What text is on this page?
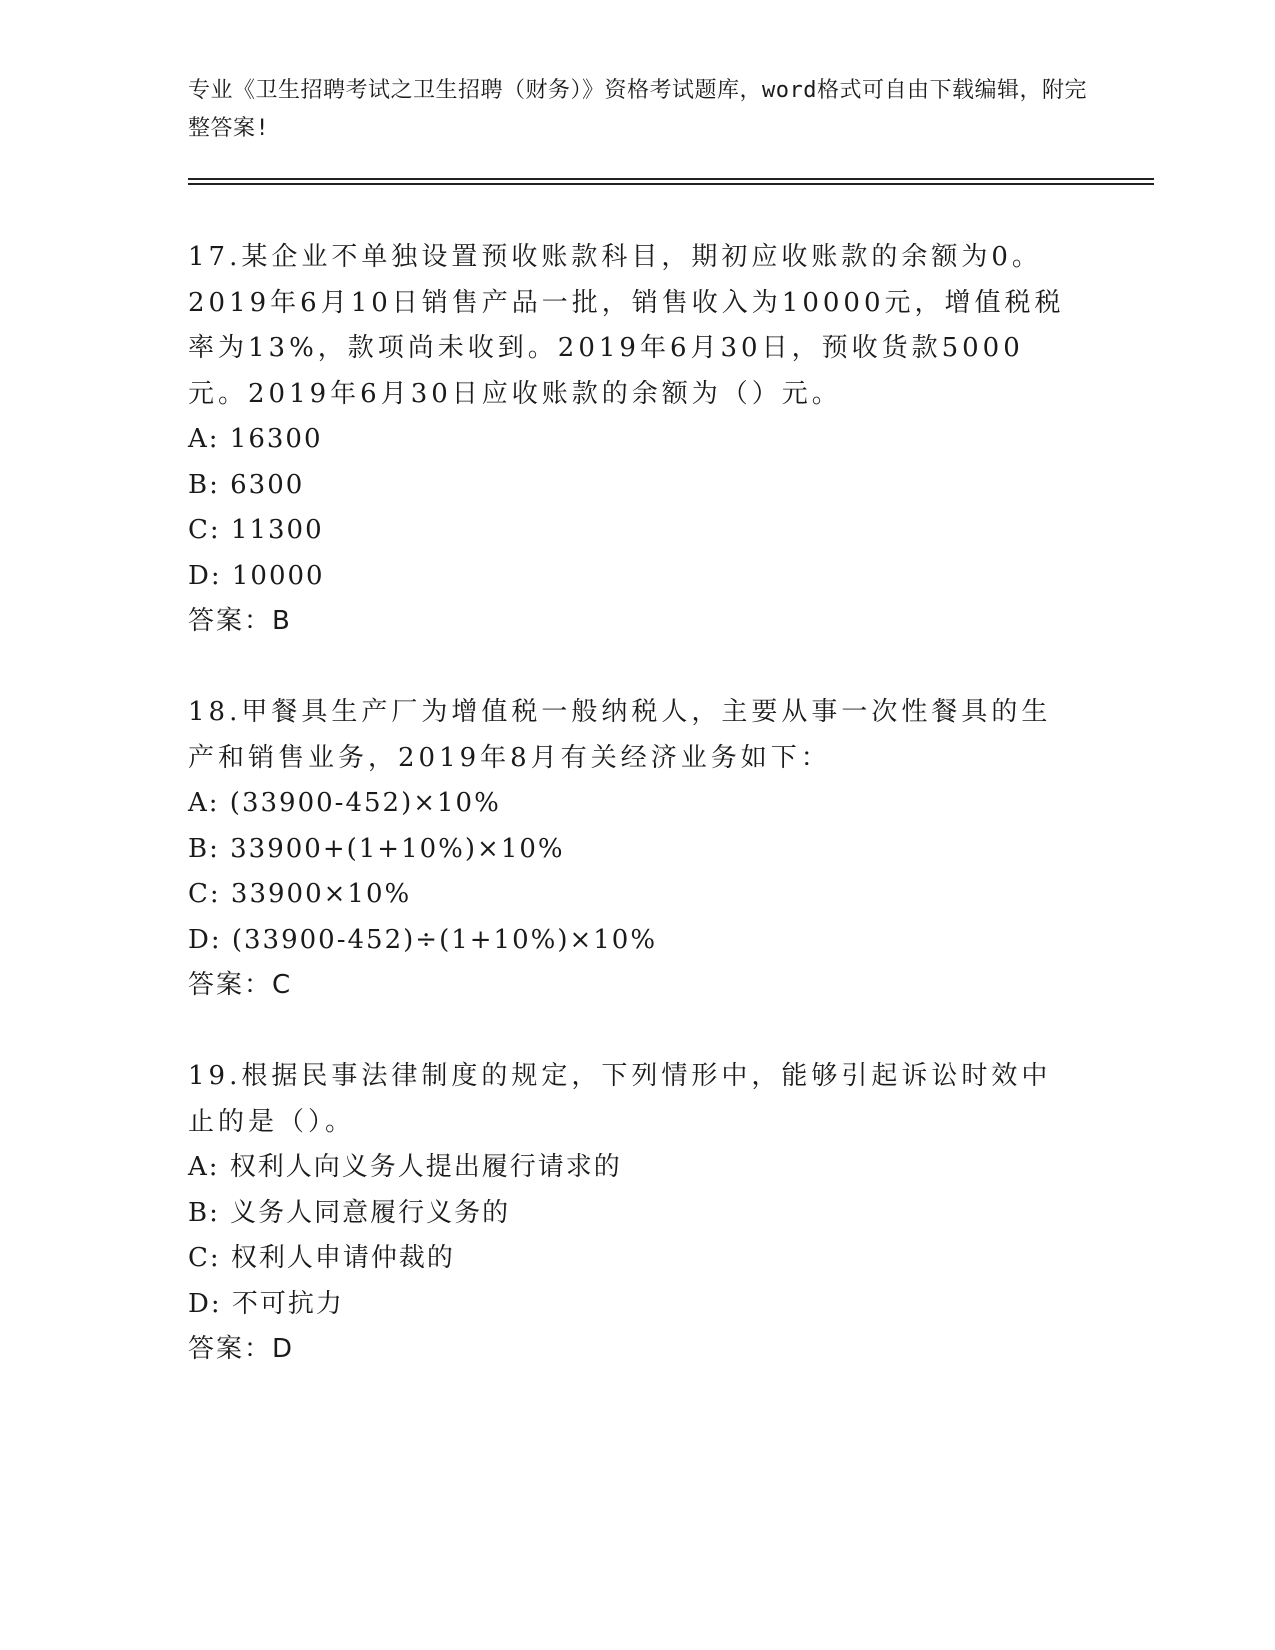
专业《卫生招聘考试之卫生招聘（财务）》资格考试题库，word格式可自由下载编辑，附完整答案!
17.某企业不单独设置预收账款科目，期初应收账款的余额为0。2019年6月10日销售产品一批，销售收入为10000元，增值税税率为13%，款项尚未收到。2019年6月30日，预收货款5000元。2019年6月30日应收账款的余额为（）元。
A: 16300
B: 6300
C: 11300
D: 10000
答案：B
18.甲餐具生产厂为增值税一般纳税人，主要从事一次性餐具的生产和销售业务，2019年8月有关经济业务如下：
A: (33900-452)×10%
B: 33900+(1+10%)×10%
C: 33900×10%
D: (33900-452)÷(1+10%)×10%
答案：C
19.根据民事法律制度的规定，下列情形中，能够引起诉讼时效中止的是（）。
A: 权利人向义务人提出履行请求的
B: 义务人同意履行义务的
C: 权利人申请仲裁的
D: 不可抗力
答案：D
